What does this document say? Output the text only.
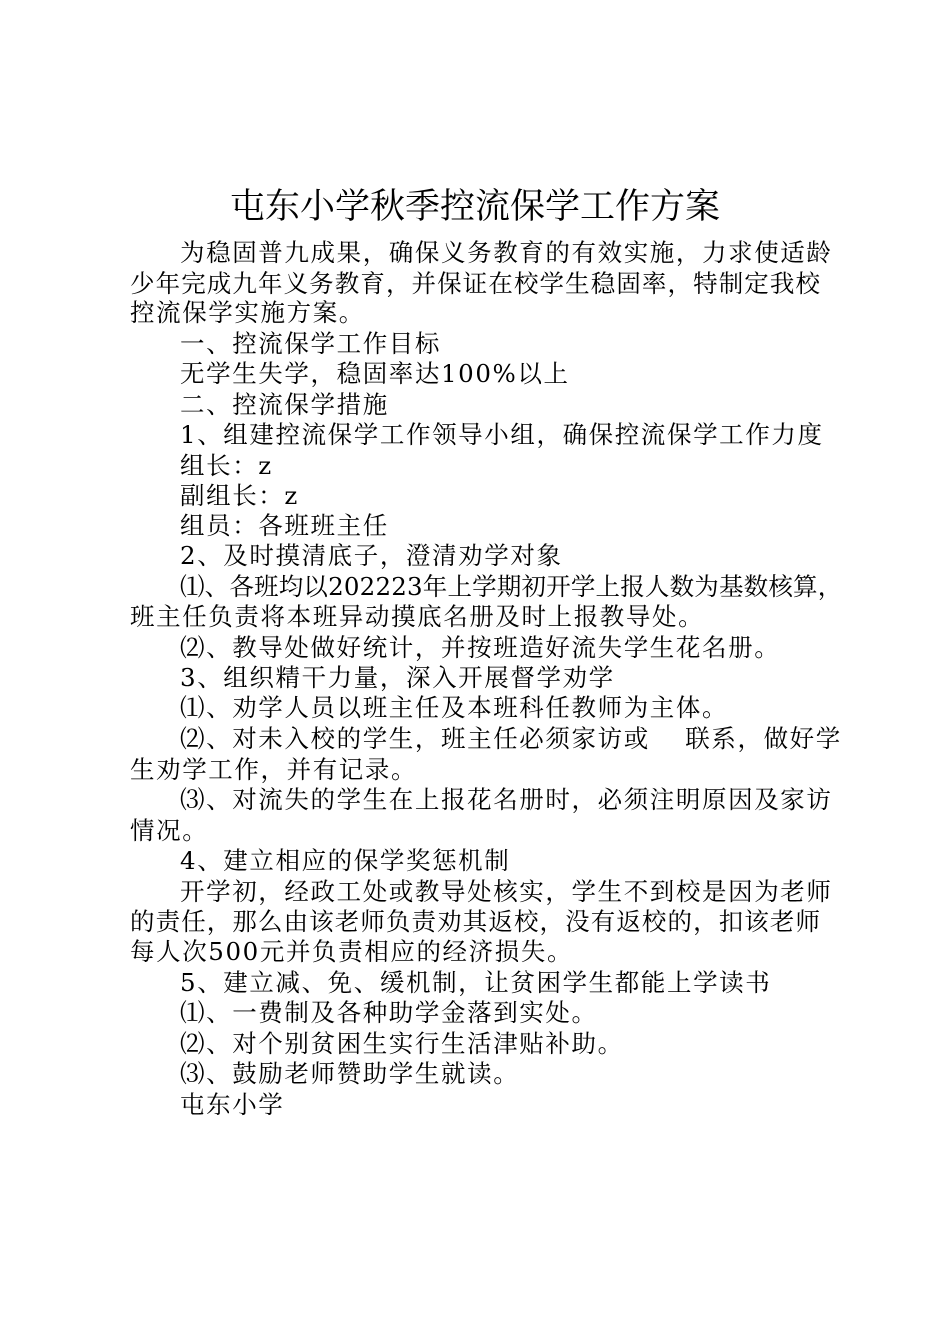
屯东小学秋季控流保学工作方案
为稳固普九成果，确保义务教育的有效实施，力求使适龄
少年完成九年义务教育，并保证在校学生稳固率，特制定我校
控流保学实施方案。
一、控流保学工作目标
无学生失学，稳固率达100%以上
二、控流保学措施
1、组建控流保学工作领导小组，确保控流保学工作力度
组长：z
副组长：z
组员：各班班主任
2、及时摸清底子，澄清劝学对象
⑴、各班均以202223年上学期初开学上报人数为基数核算，
班主任负责将本班异动摸底名册及时上报教导处。
⑵、教导处做好统计，并按班造好流失学生花名册。
3、组织精干力量，深入开展督学劝学
⑴、劝学人员以班主任及本班科任教师为主体。
⑵、对未入校的学生，班主任必须家访或　 联系，做好学
生劝学工作，并有记录。
⑶、对流失的学生在上报花名册时，必须注明原因及家访
情况。
4、建立相应的保学奖惩机制
开学初，经政工处或教导处核实，学生不到校是因为老师
的责任，那么由该老师负责劝其返校，没有返校的，扣该老师
每人次500元并负责相应的经济损失。
5、建立减、免、缓机制，让贫困学生都能上学读书
⑴、一费制及各种助学金落到实处。
⑵、对个别贫困生实行生活津贴补助。
⑶、鼓励老师赞助学生就读。
屯东小学
